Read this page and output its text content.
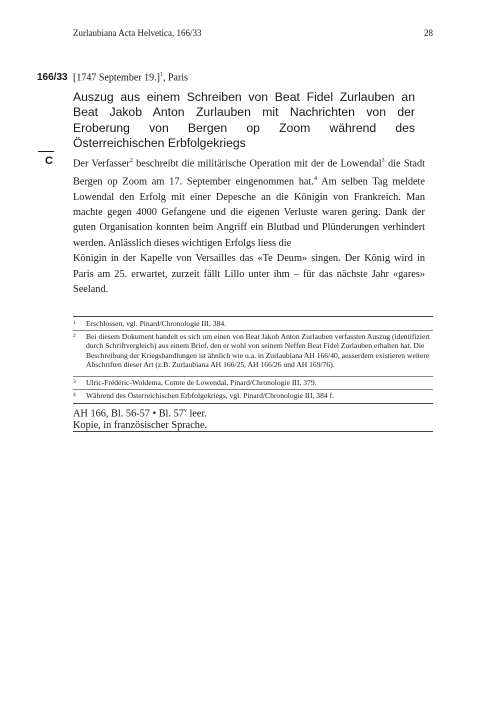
Zurlaubiana Acta Helvetica, 166/33	28
166/33 [1747 September 19.]$^1$, Paris
Auszug aus einem Schreiben von Beat Fidel Zurlauben an Beat Jakob Anton Zurlauben mit Nachrichten von der Eroberung von Bergen op Zoom während des Österreichischen Erbfolgekriegs
C Der Verfasser$^2$ beschreibt die militärische Operation mit der de Lowendal$^3$ die Stadt Bergen op Zoom am 17. September eingenommen hat.$^4$ Am selben Tag meldete Lowendal den Erfolg mit einer Depesche an die Königin von Frankreich. Man machte gegen 4000 Gefangene und die eigenen Verluste waren gering. Dank der guten Organisation konnten beim Angriff ein Blutbad und Plünderungen verhindert werden. Anlässlich dieses wichtigen Erfolgs liess die

Königin in der Kapelle von Versailles das «Te Deum» singen. Der König wird in Paris am 25. erwartet, zurzeit fällt Lillo unter ihm – für das nächste Jahr «gares» Seeland.

1 Erschlossen, vgl. Pinard/Chronologie III, 384.
2 Bei diesem Dokument handelt es sich um einen von Beat Jakob Anton Zurlauben verfassten Auszug (identifiziert durch Schriftvergleich) aus einem Brief, den er wohl von seinem Neffen Beat Fidel Zurlauben erhalten hat. Die Beschreibung der Kriegshandlungen ist ähnlich wie u.a. in Zurlaubiana AH 166/40, ausserdem existieren weitere Abschriften dieser Art (z.B. Zurlaubiana AH 166/25, AH 166/26 und AH 169/76).
3 Ulric-Frédéric-Woldema, Comte de Lowendal, Pinard/Chronologie III, 379.
4 Während des Österreichischen Erbfolgekriegs, vgl. Pinard/Chronologie III, 384 f.
AH 166, Bl. 56-57 • Bl. 57$^v$ leer.
Kopie, in französischer Sprache.
